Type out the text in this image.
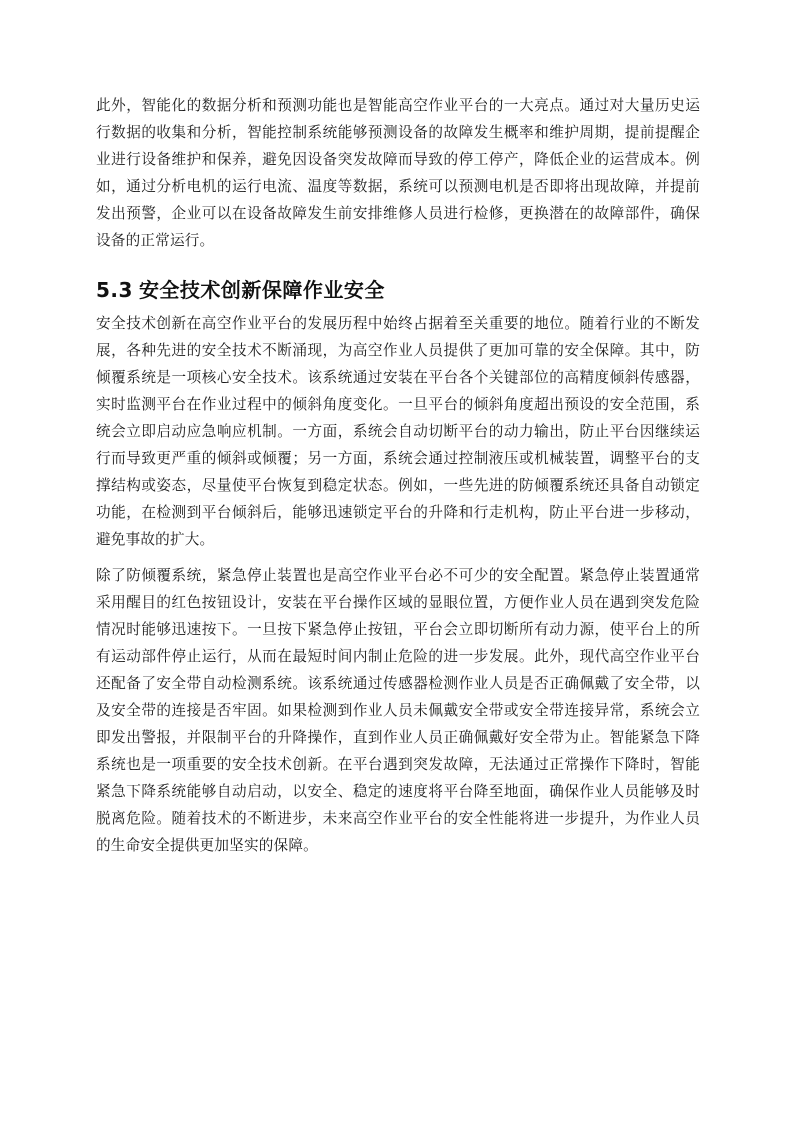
此外，智能化的数据分析和预测功能也是智能高空作业平台的一大亮点。通过对大量历史运行数据的收集和分析，智能控制系统能够预测设备的故障发生概率和维护周期，提前提醒企业进行设备维护和保养，避免因设备突发故障而导致的停工停产，降低企业的运营成本。例如，通过分析电机的运行电流、温度等数据，系统可以预测电机是否即将出现故障，并提前发出预警，企业可以在设备故障发生前安排维修人员进行检修，更换潜在的故障部件，确保设备的正常运行。

5.3 安全技术创新保障作业安全

安全技术创新在高空作业平台的发展历程中始终占据着至关重要的地位。随着行业的不断发展，各种先进的安全技术不断涌现，为高空作业人员提供了更加可靠的安全保障。其中，防倾覆系统是一项核心安全技术。该系统通过安装在平台各个关键部位的高精度倾斜传感器，实时监测平台在作业过程中的倾斜角度变化。一旦平台的倾斜角度超出预设的安全范围，系统会立即启动应急响应机制。一方面，系统会自动切断平台的动力输出，防止平台因继续运行而导致更严重的倾斜或倾覆；另一方面，系统会通过控制液压或机械装置，调整平台的支撑结构或姿态，尽量使平台恢复到稳定状态。例如，一些先进的防倾覆系统还具备自动锁定功能，在检测到平台倾斜后，能够迅速锁定平台的升降和行走机构，防止平台进一步移动，避免事故的扩大。

除了防倾覆系统，紧急停止装置也是高空作业平台必不可少的安全配置。紧急停止装置通常采用醒目的红色按钮设计，安装在平台操作区域的显眼位置，方便作业人员在遇到突发危险情况时能够迅速按下。一旦按下紧急停止按钮，平台会立即切断所有动力源，使平台上的所有运动部件停止运行，从而在最短时间内制止危险的进一步发展。此外，现代高空作业平台还配备了安全带自动检测系统。该系统通过传感器检测作业人员是否正确佩戴了安全带，以及安全带的连接是否牢固。如果检测到作业人员未佩戴安全带或安全带连接异常，系统会立即发出警报，并限制平台的升降操作，直到作业人员正确佩戴好安全带为止。智能紧急下降系统也是一项重要的安全技术创新。在平台遇到突发故障，无法通过正常操作下降时，智能紧急下降系统能够自动启动，以安全、稳定的速度将平台降至地面，确保作业人员能够及时脱离危险。随着技术的不断进步，未来高空作业平台的安全性能将进一步提升，为作业人员的生命安全提供更加坚实的保障。
